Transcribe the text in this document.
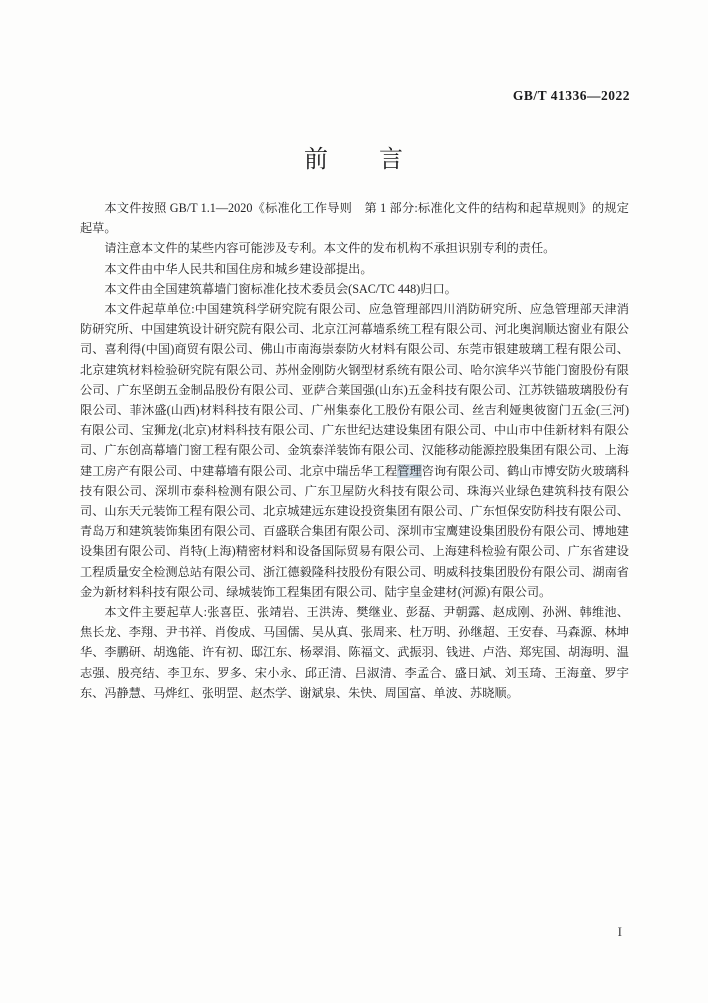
GB/T 41336—2022
前　　言

本文件按照 GB/T 1.1—2020《标准化工作导则　第 1 部分:标准化文件的结构和起草规则》的规定起草。

请注意本文件的某些内容可能涉及专利。本文件的发布机构不承担识别专利的责任。

本文件由中华人民共和国住房和城乡建设部提出。

本文件由全国建筑幕墙门窗标准化技术委员会(SAC/TC 448)归口。

本文件起草单位:中国建筑科学研究院有限公司、应急管理部四川消防研究所、应急管理部天津消防研究所、中国建筑设计研究院有限公司、北京江河幕墙系统工程有限公司、河北奥润顺达窗业有限公司、喜利得(中国)商贸有限公司、佛山市南海崇泰防火材料有限公司、东莞市银建玻璃工程有限公司、北京建筑材料检验研究院有限公司、苏州金刚防火钢型材系统有限公司、哈尔滨华兴节能门窗股份有限公司、广东坚朗五金制品股份有限公司、亚萨合莱国强(山东)五金科技有限公司、江苏铁锚玻璃股份有限公司、菲沐盛(山西)材料科技有限公司、广州集泰化工股份有限公司、丝吉利娅奥彼窗门五金(三河)有限公司、宝狮龙(北京)材料科技有限公司、广东世纪达建设集团有限公司、中山市中佳新材料有限公司、广东创高幕墙门窗工程有限公司、金筑泰洋装饰有限公司、汉能移动能源控股集团有限公司、上海建工房产有限公司、中建幕墙有限公司、北京中瑞岳华工程管理咨询有限公司、鹤山市博安防火玻璃科技有限公司、深圳市泰科检测有限公司、广东卫屋防火科技有限公司、珠海兴业绿色建筑科技有限公司、山东天元装饰工程有限公司、北京城建远东建设投资集团有限公司、广东恒保安防科技有限公司、青岛万和建筑装饰集团有限公司、百盛联合集团有限公司、深圳市宝鹰建设集团股份有限公司、博地建设集团有限公司、肖特(上海)精密材料和设备国际贸易有限公司、上海建科检验有限公司、广东省建设工程质量安全检测总站有限公司、浙江德毅隆科技股份有限公司、明威科技集团股份有限公司、湖南省金为新材料科技有限公司、绿城装饰工程集团有限公司、陆宇皇金建材(河源)有限公司。

本文件主要起草人:张喜臣、张靖岩、王洪涛、樊继业、彭磊、尹朝露、赵成刚、孙洲、韩维池、焦长龙、李翔、尹书祥、肖俊成、马国儒、吴从真、张周来、杜万明、孙继超、王安春、马森源、林坤华、李鹏研、胡逸能、许有初、邸江东、杨翠涓、陈福文、武振羽、钱进、卢浩、郑宪国、胡海明、温志强、殷亮结、李卫东、罗多、宋小永、邱正清、吕淑清、李孟合、盛日斌、刘玉琦、王海童、罗宇东、冯静慧、马烨红、张明罡、赵杰学、谢斌泉、朱快、周国富、单波、苏晓顺。

I
